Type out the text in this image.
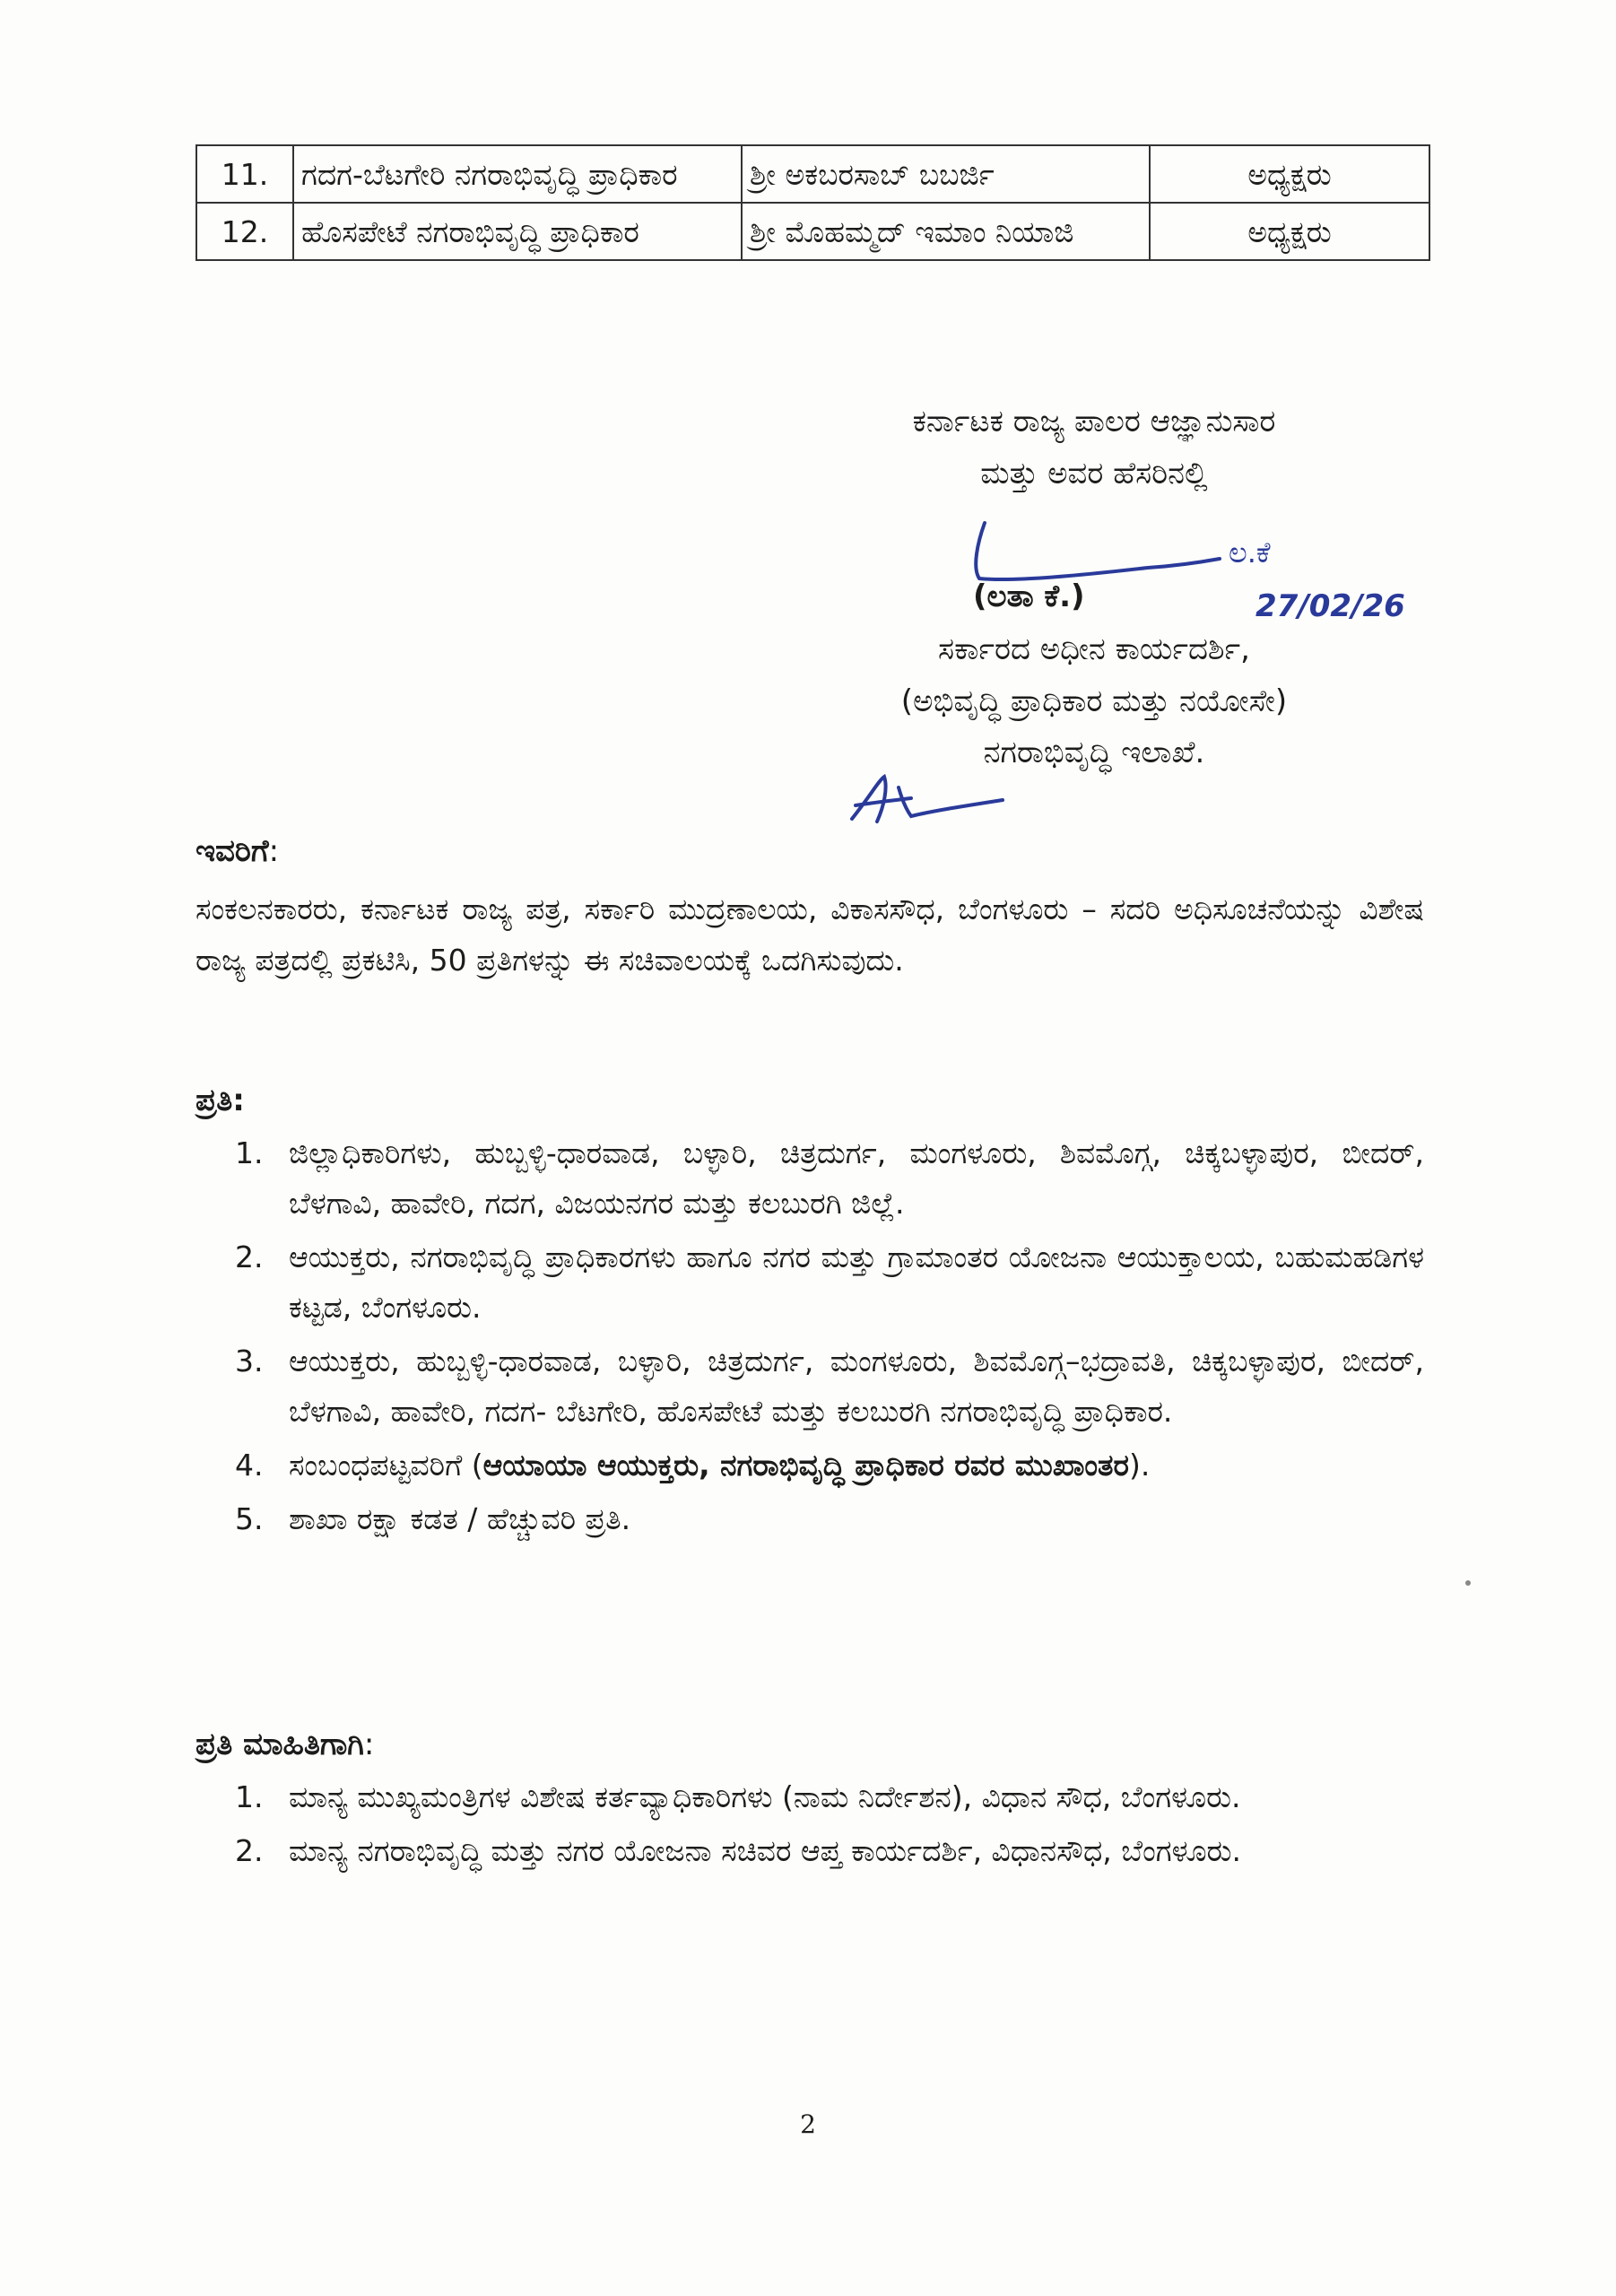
11.	ಗದಗ-ಬೆಟಗೇರಿ ನಗರಾಭಿವೃದ್ಧಿ ಪ್ರಾಧಿಕಾರ	ಶ್ರೀ ಅಕಬರಸಾಬ್ ಬಬರ್ಜಿ	ಅಧ್ಯಕ್ಷರು
12.	ಹೊಸಪೇಟೆ ನಗರಾಭಿವೃದ್ಧಿ ಪ್ರಾಧಿಕಾರ	ಶ್ರೀ ಮೊಹಮ್ಮದ್ ಇಮಾಂ ನಿಯಾಜಿ	ಅಧ್ಯಕ್ಷರು
ಕರ್ನಾಟಕ ರಾಜ್ಯ ಪಾಲರ ಆಜ್ಞಾನುಸಾರ
ಮತ್ತು ಅವರ ಹೆಸರಿನಲ್ಲಿ
ಲ.ಕೆ
27/02/26
(ಲತಾ ಕೆ.)
ಸರ್ಕಾರದ ಅಧೀನ ಕಾರ್ಯದರ್ಶಿ,
(ಅಭಿವೃದ್ಧಿ ಪ್ರಾಧಿಕಾರ ಮತ್ತು ನಯೋಸೇ)
ನಗರಾಭಿವೃದ್ಧಿ ಇಲಾಖೆ.
ಇವರಿಗೆ:
ಸಂಕಲನಕಾರರು, ಕರ್ನಾಟಕ ರಾಜ್ಯ ಪತ್ರ, ಸರ್ಕಾರಿ ಮುದ್ರಣಾಲಯ, ವಿಕಾಸಸೌಧ, ಬೆಂಗಳೂರು – ಸದರಿ ಅಧಿಸೂಚನೆಯನ್ನು ವಿಶೇಷ ರಾಜ್ಯ ಪತ್ರದಲ್ಲಿ ಪ್ರಕಟಿಸಿ, 50 ಪ್ರತಿಗಳನ್ನು ಈ ಸಚಿವಾಲಯಕ್ಕೆ ಒದಗಿಸುವುದು.
ಪ್ರತಿ:
1. ಜಿಲ್ಲಾಧಿಕಾರಿಗಳು, ಹುಬ್ಬಳ್ಳಿ-ಧಾರವಾಡ, ಬಳ್ಳಾರಿ, ಚಿತ್ರದುರ್ಗ, ಮಂಗಳೂರು, ಶಿವಮೊಗ್ಗ, ಚಿಕ್ಕಬಳ್ಳಾಪುರ, ಬೀದರ್, ಬೆಳಗಾವಿ, ಹಾವೇರಿ, ಗದಗ, ವಿಜಯನಗರ ಮತ್ತು ಕಲಬುರಗಿ ಜಿಲ್ಲೆ.
2. ಆಯುಕ್ತರು, ನಗರಾಭಿವೃದ್ಧಿ ಪ್ರಾಧಿಕಾರಗಳು ಹಾಗೂ ನಗರ ಮತ್ತು ಗ್ರಾಮಾಂತರ ಯೋಜನಾ ಆಯುಕ್ತಾಲಯ, ಬಹುಮಹಡಿಗಳ ಕಟ್ಟಡ, ಬೆಂಗಳೂರು.
3. ಆಯುಕ್ತರು, ಹುಬ್ಬಳ್ಳಿ-ಧಾರವಾಡ, ಬಳ್ಳಾರಿ, ಚಿತ್ರದುರ್ಗ, ಮಂಗಳೂರು, ಶಿವಮೊಗ್ಗ–ಭದ್ರಾವತಿ, ಚಿಕ್ಕಬಳ್ಳಾಪುರ, ಬೀದರ್, ಬೆಳಗಾವಿ, ಹಾವೇರಿ, ಗದಗ- ಬೆಟಗೇರಿ, ಹೊಸಪೇಟೆ ಮತ್ತು ಕಲಬುರಗಿ ನಗರಾಭಿವೃದ್ಧಿ ಪ್ರಾಧಿಕಾರ.
4. ಸಂಬಂಧಪಟ್ಟವರಿಗೆ (ಆಯಾಯಾ ಆಯುಕ್ತರು, ನಗರಾಭಿವೃದ್ಧಿ ಪ್ರಾಧಿಕಾರ ರವರ ಮುಖಾಂತರ).
5. ಶಾಖಾ ರಕ್ಷಾ ಕಡತ / ಹೆಚ್ಚುವರಿ ಪ್ರತಿ.
ಪ್ರತಿ ಮಾಹಿತಿಗಾಗಿ:
1. ಮಾನ್ಯ ಮುಖ್ಯಮಂತ್ರಿಗಳ ವಿಶೇಷ ಕರ್ತವ್ಯಾಧಿಕಾರಿಗಳು (ನಾಮ ನಿರ್ದೇಶನ), ವಿಧಾನ ಸೌಧ, ಬೆಂಗಳೂರು.
2. ಮಾನ್ಯ ನಗರಾಭಿವೃದ್ಧಿ ಮತ್ತು ನಗರ ಯೋಜನಾ ಸಚಿವರ ಆಪ್ತ ಕಾರ್ಯದರ್ಶಿ, ವಿಧಾನಸೌಧ, ಬೆಂಗಳೂರು.
2
